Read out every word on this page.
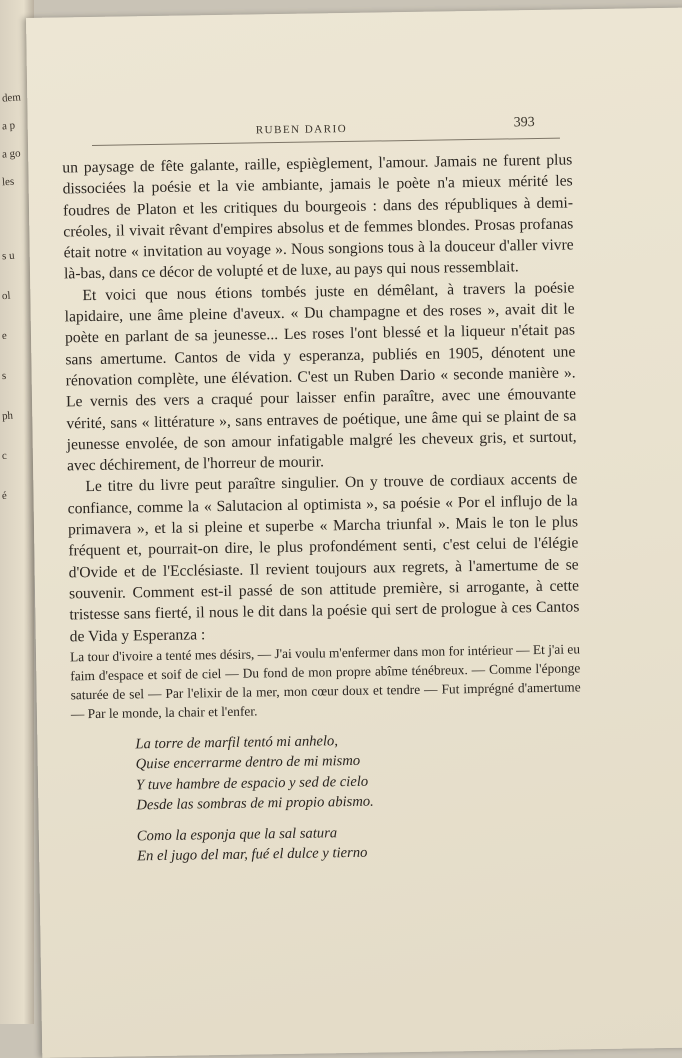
dem
a p
a go
les
s u
ol
e
s
ph
c
é
RUBEN DARIO	393

un paysage de fête galante, raille, espièglement, l'amour. Jamais ne furent plus dissociées la poésie et la vie ambiante, jamais le poète n'a mieux mérité les foudres de Platon et les critiques du bourgeois : dans des républiques à demi-créoles, il vivait rêvant d'empires absolus et de femmes blondes. Prosas profanas était notre « invitation au voyage ». Nous songions tous à la douceur d'aller vivre là-bas, dans ce décor de volupté et de luxe, au pays qui nous ressemblait.

Et voici que nous étions tombés juste en démêlant, à travers la poésie lapidaire, une âme pleine d'aveux. « Du champagne et des roses », avait dit le poète en parlant de sa jeunesse... Les roses l'ont blessé et la liqueur n'était pas sans amertume. Cantos de vida y esperanza, publiés en 1905, dénotent une rénovation complète, une élévation. C'est un Ruben Dario « seconde manière ». Le vernis des vers a craqué pour laisser enfin paraître, avec une émouvante vérité, sans « littérature », sans entraves de poétique, une âme qui se plaint de sa jeunesse envolée, de son amour infatigable malgré les cheveux gris, et surtout, avec déchirement, de l'horreur de mourir.

Le titre du livre peut paraître singulier. On y trouve de cordiaux accents de confiance, comme la « Salutacion al optimista », sa poésie « Por el influjo de la primavera », et la si pleine et superbe « Marcha triunfal ». Mais le ton le plus fréquent et, pourrait-on dire, le plus profondément senti, c'est celui de l'élégie d'Ovide et de l'Ecclésiaste. Il revient toujours aux regrets, à l'amertume de se souvenir. Comment est-il passé de son attitude première, si arrogante, à cette tristesse sans fierté, il nous le dit dans la poésie qui sert de prologue à ces Cantos de Vida y Esperanza :

La tour d'ivoire a tenté mes désirs, — J'ai voulu m'enfermer dans mon for intérieur — Et j'ai eu faim d'espace et soif de ciel — Du fond de mon propre abîme ténébreux. — Comme l'éponge saturée de sel — Par l'elixir de la mer, mon cœur doux et tendre — Fut imprégné d'amertume — Par le monde, la chair et l'enfer.

La torre de marfil tentó mi anhelo,
Quise encerrarme dentro de mi mismo
Y tuve hambre de espacio y sed de cielo
Desde las sombras de mi propio abismo.
Como la esponja que la sal satura
En el jugo del mar, fué el dulce y tierno
